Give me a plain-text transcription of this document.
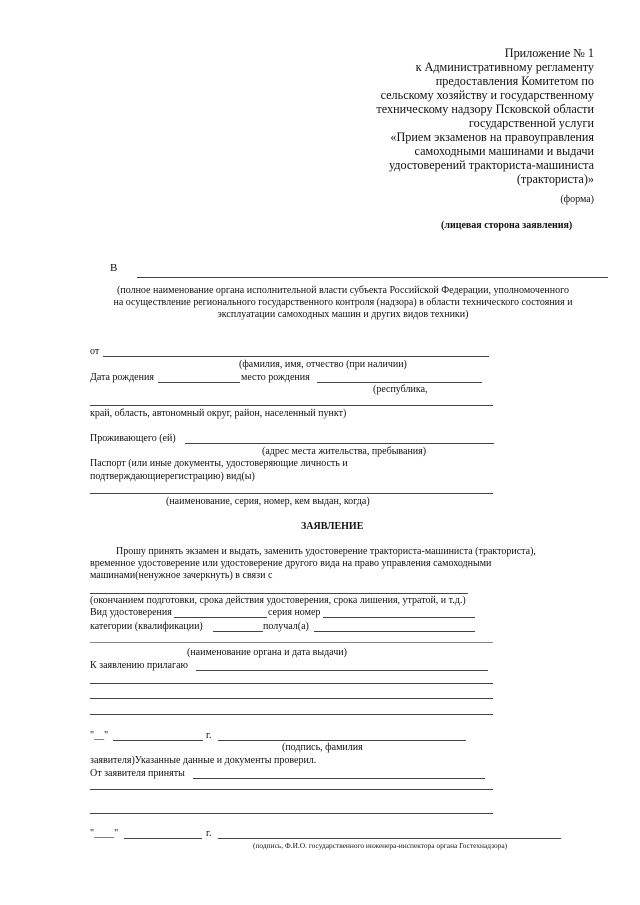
Приложение № 1
к Административному регламенту
предоставления Комитетом по
сельскому хозяйству и государственному
техническому надзору Псковской области
государственной услуги
«Прием экзаменов на правоуправления
самоходными машинами и выдачи
удостоверений тракториста-машиниста
(тракториста)»
(форма)
(лицевая сторона заявления)
В
(полное наименование органа исполнительной власти субъекта Российской Федерации, уполномоченного
на осуществление регионального государственного контроля (надзора) в области технического состояния и
эксплуатации самоходных машин и других видов техники)
от
(фамилия, имя, отчество (при наличии)
Дата рождения	место рождения
(республика,
край, область, автономный округ, район, населенный пункт)
Проживающего (ей)
(адрес места жительства, пребывания)
Паспорт (или иные документы, удостоверяющие личность и
подтверждающиерегистрацию) вид(ы)
(наименование, серия, номер, кем выдан, когда)
ЗАЯВЛЕНИЕ
Прошу принять экзамен и выдать, заменить удостоверение тракториста-машиниста (тракториста),
временное удостоверение или удостоверение другого вида на право управления самоходными
машинами(ненужное зачеркнуть) в связи с
(окончанием подготовки, срока действия удостоверения, срока лишения, утратой, и т.д.)
Вид удостоверения	серия номер
категории (квалификации)	получал(а)
(наименование органа и дата выдачи)
К заявлению прилагаю
"__"	г.
(подпись, фамилия
заявителя)Указанные данные и документы проверил.
От заявителя приняты
"____"	г.
(подпись, Ф.И.О. государственного инженера-инспектора органа Гостехнадзора)
